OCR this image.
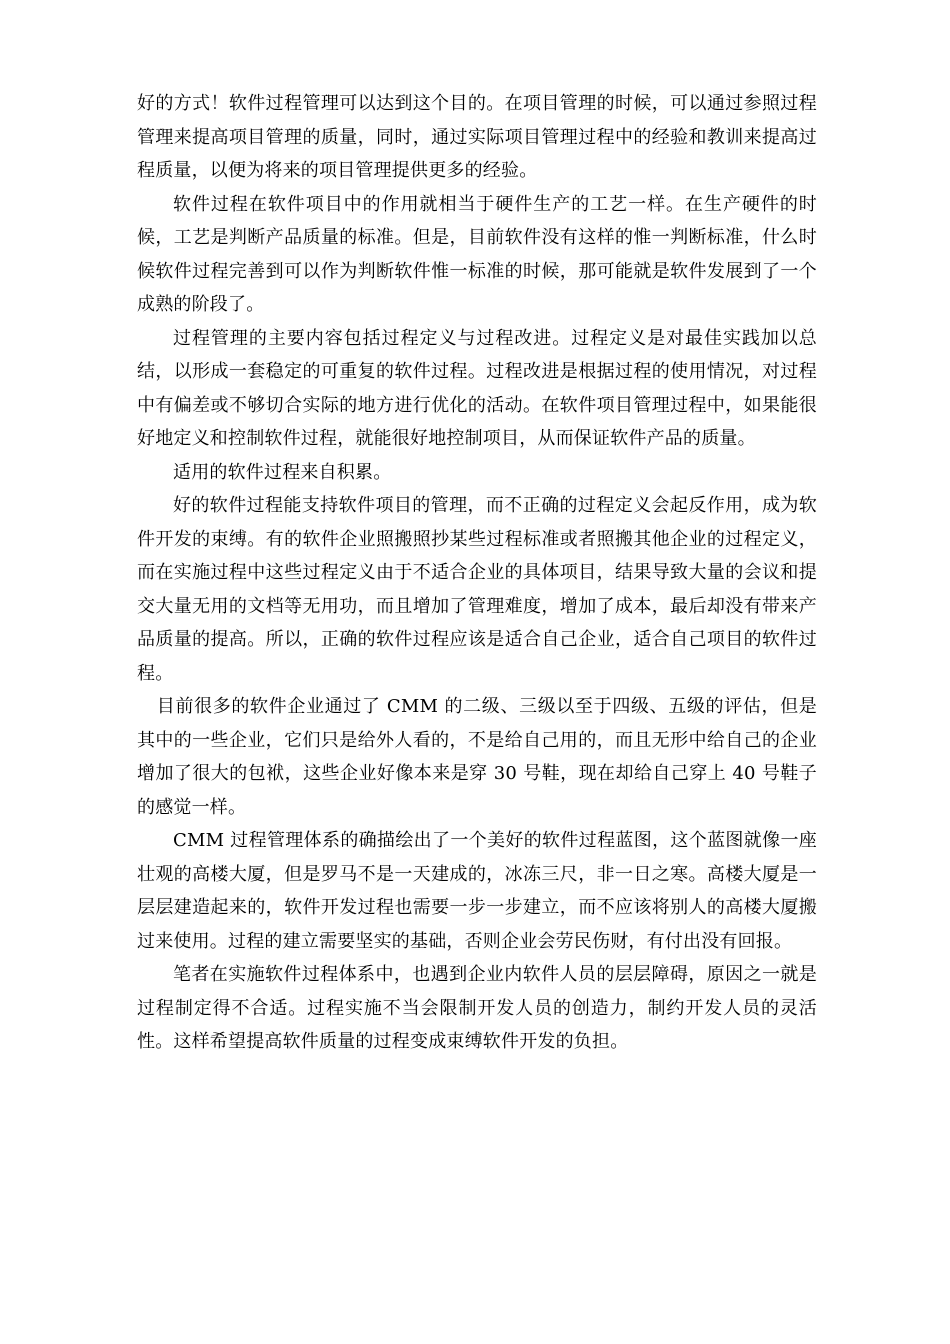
好的方式！软件过程管理可以达到这个目的。在项目管理的时候，可以通过参照过程管理来提高项目管理的质量，同时，通过实际项目管理过程中的经验和教训来提高过程质量，以便为将来的项目管理提供更多的经验。

软件过程在软件项目中的作用就相当于硬件生产的工艺一样。在生产硬件的时候，工艺是判断产品质量的标准。但是，目前软件没有这样的惟一判断标准，什么时候软件过程完善到可以作为判断软件惟一标准的时候，那可能就是软件发展到了一个成熟的阶段了。

过程管理的主要内容包括过程定义与过程改进。过程定义是对最佳实践加以总结，以形成一套稳定的可重复的软件过程。过程改进是根据过程的使用情况，对过程中有偏差或不够切合实际的地方进行优化的活动。在软件项目管理过程中，如果能很好地定义和控制软件过程，就能很好地控制项目，从而保证软件产品的质量。

适用的软件过程来自积累。

好的软件过程能支持软件项目的管理，而不正确的过程定义会起反作用，成为软件开发的束缚。有的软件企业照搬照抄某些过程标准或者照搬其他企业的过程定义，而在实施过程中这些过程定义由于不适合企业的具体项目，结果导致大量的会议和提交大量无用的文档等无用功，而且增加了管理难度，增加了成本，最后却没有带来产品质量的提高。所以，正确的软件过程应该是适合自己企业，适合自己项目的软件过程。

目前很多的软件企业通过了 CMM 的二级、三级以至于四级、五级的评估，但是其中的一些企业，它们只是给外人看的，不是给自己用的，而且无形中给自己的企业增加了很大的包袱，这些企业好像本来是穿 30 号鞋，现在却给自己穿上 40 号鞋子的感觉一样。

CMM 过程管理体系的确描绘出了一个美好的软件过程蓝图，这个蓝图就像一座壮观的高楼大厦，但是罗马不是一天建成的，冰冻三尺，非一日之寒。高楼大厦是一层层建造起来的，软件开发过程也需要一步一步建立，而不应该将别人的高楼大厦搬过来使用。过程的建立需要坚实的基础，否则企业会劳民伤财，有付出没有回报。

笔者在实施软件过程体系中，也遇到企业内软件人员的层层障碍，原因之一就是过程制定得不合适。过程实施不当会限制开发人员的创造力，制约开发人员的灵活性。这样希望提高软件质量的过程变成束缚软件开发的负担。
